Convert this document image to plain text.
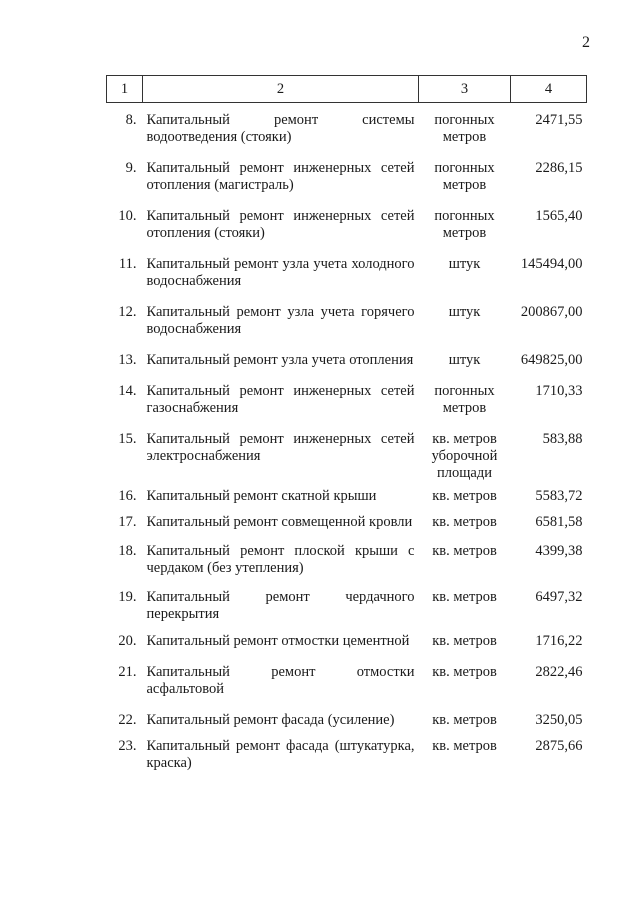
2
1	2	3	4
8.	Капитальный ремонт системы водоотведения (стояки)	погонных метров	2471,55
9.	Капитальный ремонт инженерных сетей отопления (магистраль)	погонных метров	2286,15
10.	Капитальный ремонт инженерных сетей отопления (стояки)	погонных метров	1565,40
11.	Капитальный ремонт узла учета холодного водоснабжения	штук	145494,00
12.	Капитальный ремонт узла учета горячего водоснабжения	штук	200867,00
13.	Капитальный ремонт узла учета отопления	штук	649825,00
14.	Капитальный ремонт инженерных сетей газоснабжения	погонных метров	1710,33
15.	Капитальный ремонт инженерных сетей электроснабжения	кв. метров уборочной площади	583,88
16.	Капитальный ремонт скатной крыши	кв. метров	5583,72
17.	Капитальный ремонт совмещенной кровли	кв. метров	6581,58
18.	Капитальный ремонт плоской крыши с чердаком (без утепления)	кв. метров	4399,38
19.	Капитальный ремонт чердачного перекрытия	кв. метров	6497,32
20.	Капитальный ремонт отмостки цементной	кв. метров	1716,22
21.	Капитальный ремонт отмостки асфальтовой	кв. метров	2822,46
22.	Капитальный ремонт фасада (усиление)	кв. метров	3250,05
23.	Капитальный ремонт фасада (штукатурка, краска)	кв. метров	2875,66
